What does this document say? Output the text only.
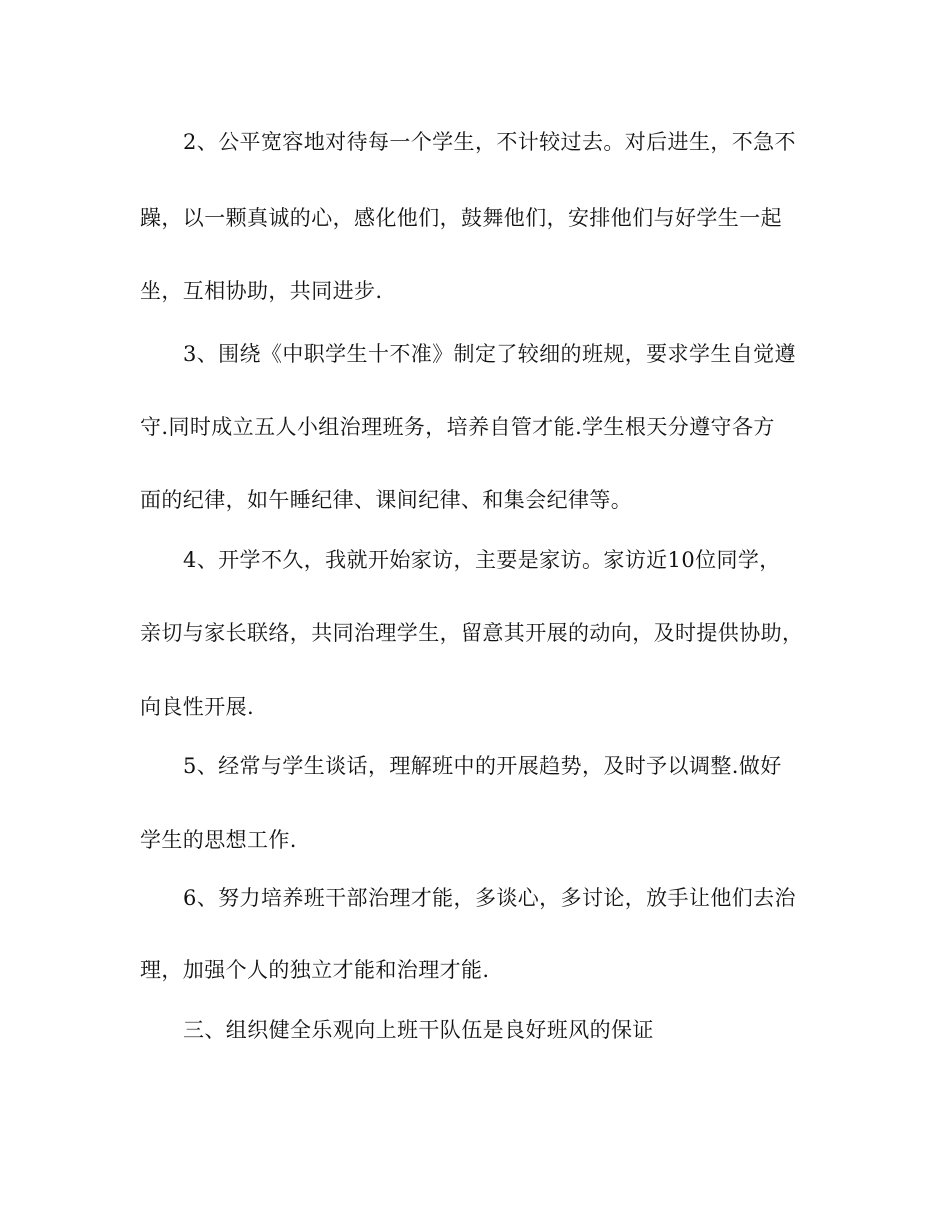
2、公平宽容地对待每一个学生，不计较过去。对后进生，不急不
躁，以一颗真诚的心，感化他们，鼓舞他们，安排他们与好学生一起
坐，互相协助，共同进步.
3、围绕《中职学生十不准》制定了较细的班规，要求学生自觉遵
守.同时成立五人小组治理班务，培养自管才能.学生根天分遵守各方
面的纪律，如午睡纪律、课间纪律、和集会纪律等。
4、开学不久，我就开始家访，主要是家访。家访近10位同学，
亲切与家长联络，共同治理学生，留意其开展的动向，及时提供协助，
向良性开展.
5、经常与学生谈话，理解班中的开展趋势，及时予以调整.做好
学生的思想工作.
6、努力培养班干部治理才能，多谈心，多讨论，放手让他们去治
理，加强个人的独立才能和治理才能.
三、组织健全乐观向上班干队伍是良好班风的保证
